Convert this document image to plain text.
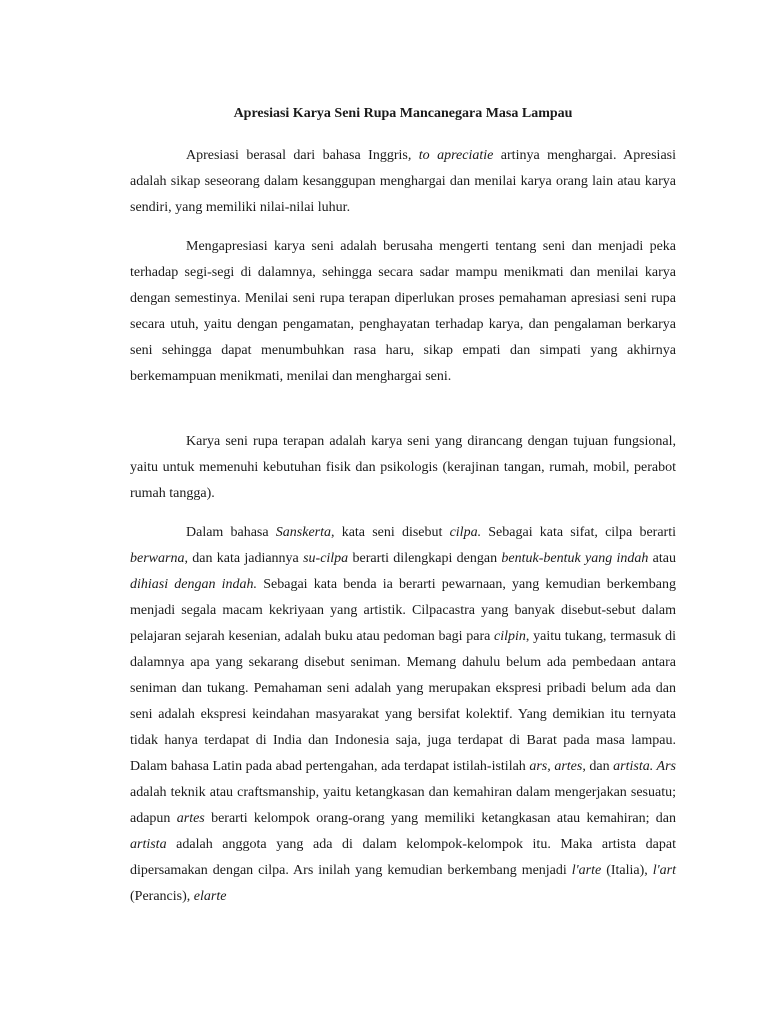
Apresiasi Karya Seni Rupa Mancanegara Masa Lampau

Apresiasi berasal dari bahasa Inggris, to apreciatie artinya menghargai. Apresiasi adalah sikap seseorang dalam kesanggupan menghargai dan menilai karya orang lain atau karya sendiri, yang memiliki nilai-nilai luhur.

Mengapresiasi karya seni adalah berusaha mengerti tentang seni dan menjadi peka terhadap segi-segi di dalamnya, sehingga secara sadar mampu menikmati dan menilai karya dengan semestinya. Menilai seni rupa terapan diperlukan proses pemahaman apresiasi seni rupa secara utuh, yaitu dengan pengamatan, penghayatan terhadap karya, dan pengalaman berkarya seni sehingga dapat menumbuhkan rasa haru, sikap empati dan simpati yang akhirnya berkemampuan menikmati, menilai dan menghargai seni.

Karya seni rupa terapan adalah karya seni yang dirancang dengan tujuan fungsional, yaitu untuk memenuhi kebutuhan fisik dan psikologis (kerajinan tangan, rumah, mobil, perabot rumah tangga).

Dalam bahasa Sanskerta, kata seni disebut cilpa. Sebagai kata sifat, cilpa berarti berwarna, dan kata jadiannya su-cilpa berarti dilengkapi dengan bentuk-bentuk yang indah atau dihiasi dengan indah. Sebagai kata benda ia berarti pewarnaan, yang kemudian berkembang menjadi segala macam kekriyaan yang artistik. Cilpacastra yang banyak disebut-sebut dalam pelajaran sejarah kesenian, adalah buku atau pedoman bagi para cilpin, yaitu tukang, termasuk di dalamnya apa yang sekarang disebut seniman. Memang dahulu belum ada pembedaan antara seniman dan tukang. Pemahaman seni adalah yang merupakan ekspresi pribadi belum ada dan seni adalah ekspresi keindahan masyarakat yang bersifat kolektif. Yang demikian itu ternyata tidak hanya terdapat di India dan Indonesia saja, juga terdapat di Barat pada masa lampau. Dalam bahasa Latin pada abad pertengahan, ada terdapat istilah-istilah ars, artes, dan artista. Ars adalah teknik atau craftsmanship, yaitu ketangkasan dan kemahiran dalam mengerjakan sesuatu; adapun artes berarti kelompok orang-orang yang memiliki ketangkasan atau kemahiran; dan artista adalah anggota yang ada di dalam kelompok-kelompok itu. Maka artista dapat dipersamakan dengan cilpa. Ars inilah yang kemudian berkembang menjadi l'arte (Italia), l'art (Perancis), elarte
